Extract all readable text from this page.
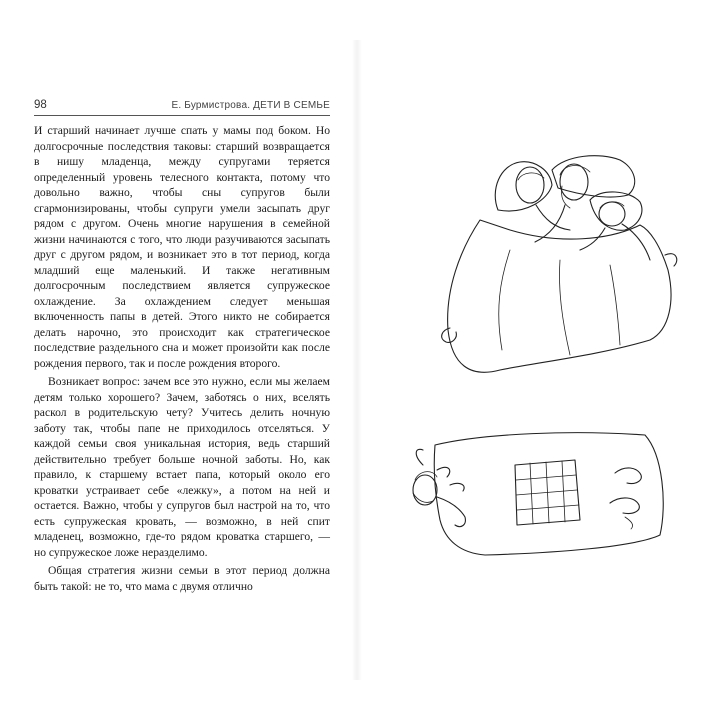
98	Е. Бурмистрова. ДЕТИ В СЕМЬЕ

И старший начинает лучше спать у мамы под боком. Но долгосрочные последствия таковы: старший возвращается в нишу младенца, между супругами теряется определенный уровень телесного контакта, потому что довольно важно, чтобы сны супругов были сгармонизированы, чтобы супруги умели засыпать друг рядом с другом. Очень многие нарушения в семейной жизни начинаются с того, что люди разучиваются засыпать друг с другом рядом, и возникает это в тот период, когда младший еще маленький. И также негативным долгосрочным последствием является супружеское охлаждение. За охлаждением следует меньшая включенность папы в детей. Этого никто не собирается делать нарочно, это происходит как стратегическое последствие раздельного сна и может произойти как после рождения первого, так и после рождения второго.

Возникает вопрос: зачем все это нужно, если мы желаем детям только хорошего? Зачем, заботясь о них, вселять раскол в родительскую чету? Учитесь делить ночную заботу так, чтобы папе не приходилось отселяться. У каждой семьи своя уникальная история, ведь старший действительно требует больше ночной заботы. Но, как правило, к старшему встает папа, который около его кроватки устраивает себе «лежку», а потом на ней и остается. Важно, чтобы у супругов был настрой на то, что есть супружеская кровать, — возможно, в ней спит младенец, возможно, где-то рядом кроватка старшего, — но супружеское ложе неразделимо.

Общая стратегия жизни семьи в этот период должна быть такой: не то, что мама с двумя отлично
